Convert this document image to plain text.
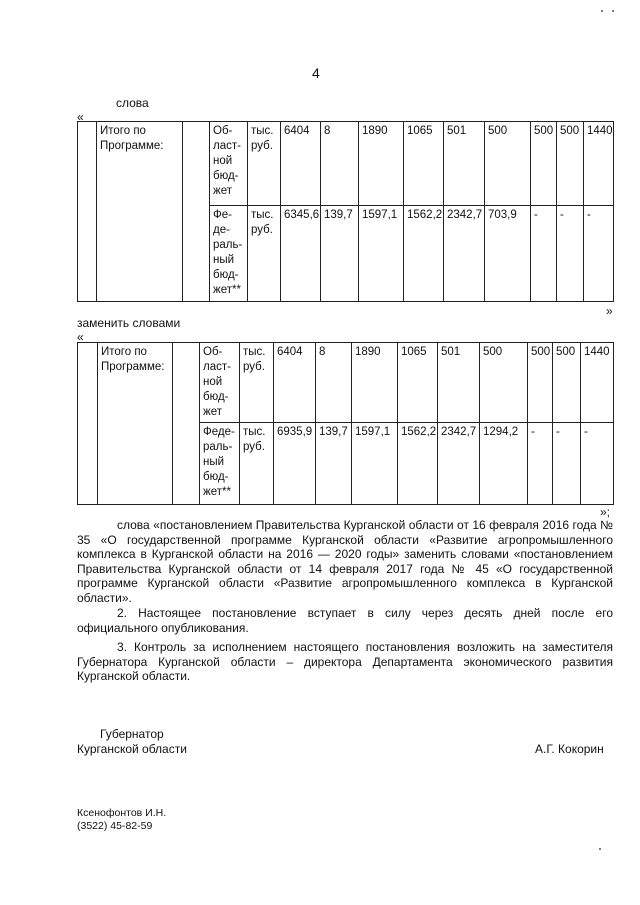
4
слова
«
	Итого по Программе:		Об-ласт-ной бюд-жет	тыс. руб.	6404	8	1890	1065	501	500	500	500	1440
			Фе-де-раль-ный бюд-жет**	тыс. руб.	6345,6	139,7	1597,1	1562,2	2342,7	703,9	-	-	-
»
заменить словами
«
	Итого по Программе:		Об-ласт-ной бюд-жет	тыс. руб.	6404	8	1890	1065	501	500	500	500	1440
			Феде-раль-ный бюд-жет**	тыс. руб.	6935,9	139,7	1597,1	1562,2	2342,7	1294,2	-	-	-
»;
слова «постановлением Правительства Курганской области от 16 февраля 2016 года № 35 «О государственной программе Курганской области «Развитие агропромышленного комплекса в Курганской области на 2016 — 2020 годы» заменить словами «постановлением Правительства Курганской области от 14 февраля 2017 года № 45 «О государственной программе Курганской области «Развитие агропромышленного комплекса в Курганской области».
2. Настоящее постановление вступает в силу через десять дней после его официального опубликования.
3. Контроль за исполнением настоящего постановления возложить на заместителя Губернатора Курганской области – директора Департамента экономического развития Курганской области.
Губернатор
Курганской области	А.Г. Кокорин
Ксенофонтов И.Н.
(3522) 45-82-59
